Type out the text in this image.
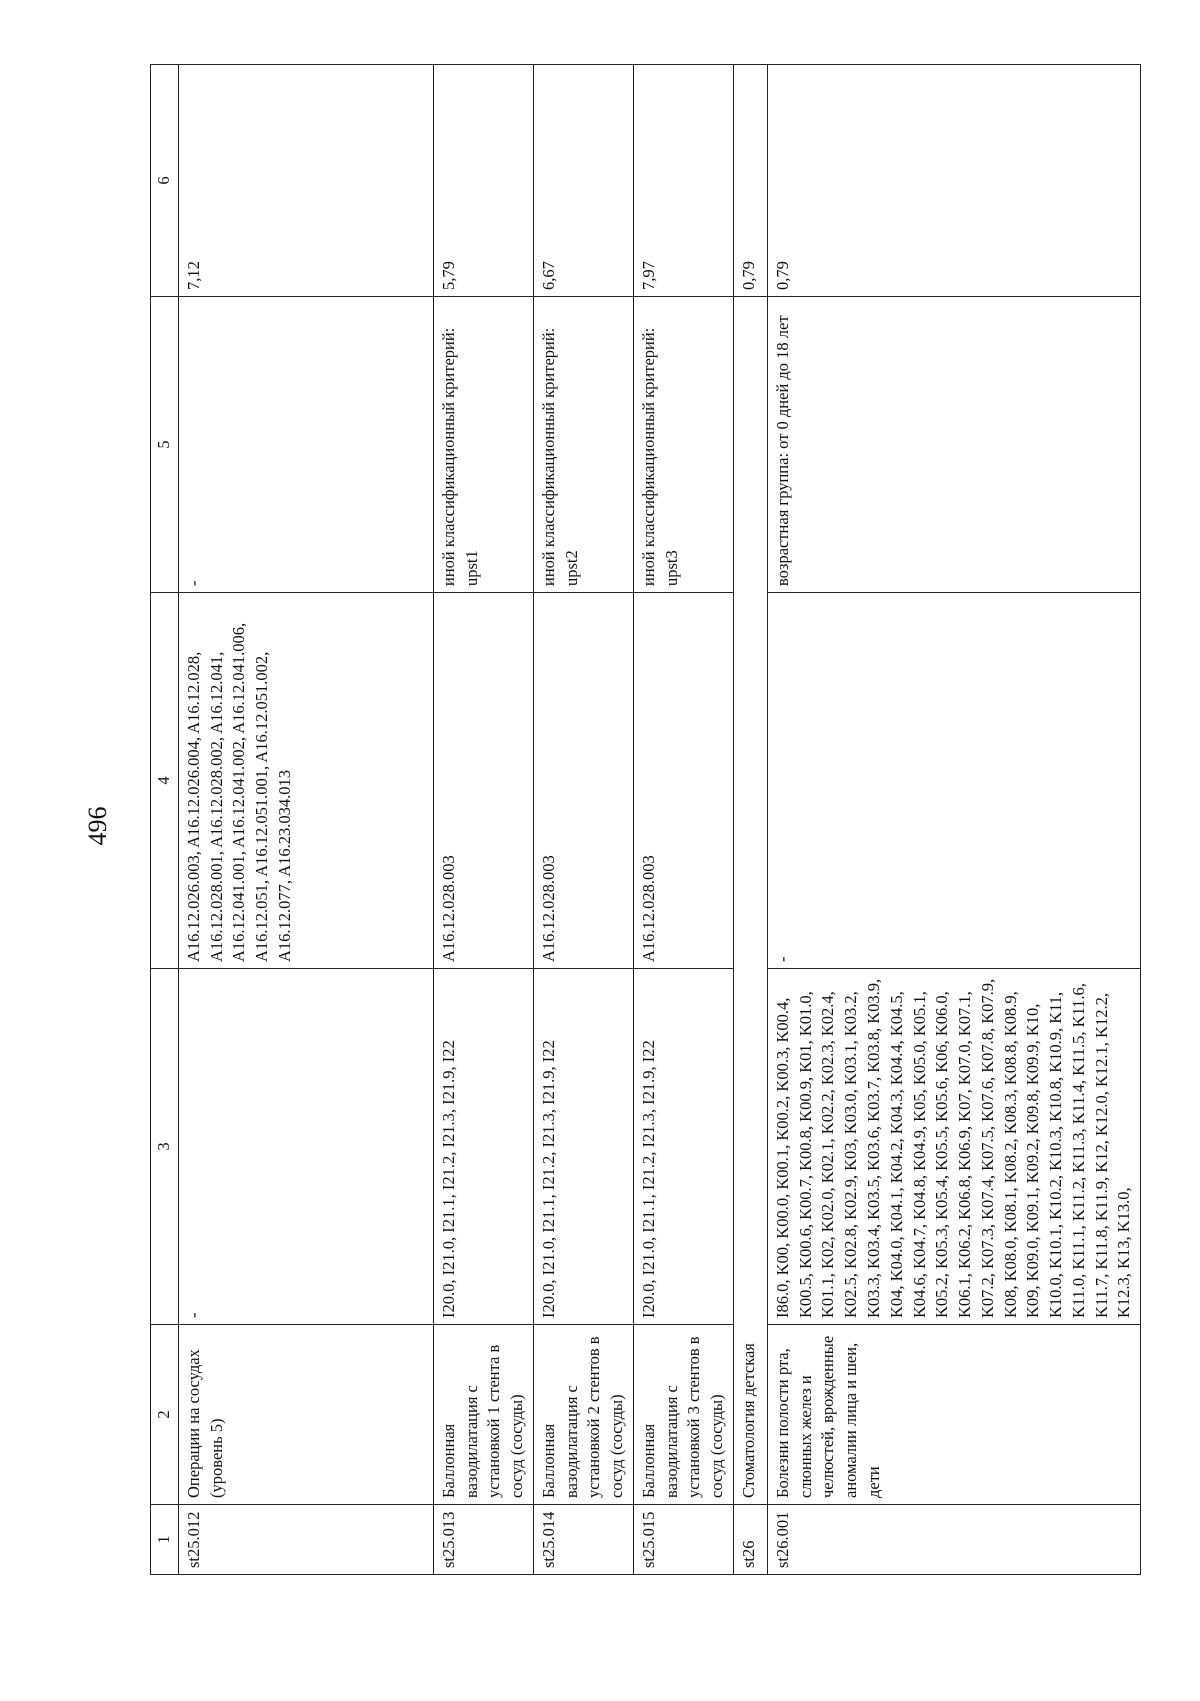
496
1	2	3	4	5	6
st25.012	Операции на сосудах (уровень 5)	-	A16.12.026.003, A16.12.026.004, A16.12.028, A16.12.028.001, A16.12.028.002, A16.12.041, A16.12.041.001, A16.12.041.002, A16.12.041.006, A16.12.051, A16.12.051.001, A16.12.051.002, A16.12.077, A16.23.034.013	-	7,12
st25.013	Баллонная вазодилатация с установкой 1 стента в сосуд (сосуды)	I20.0, I21.0, I21.1, I21.2, I21.3, I21.9, I22	A16.12.028.003	иной классификационный критерий: upst1	5,79
st25.014	Баллонная вазодилатация с установкой 2 стентов в сосуд (сосуды)	I20.0, I21.0, I21.1, I21.2, I21.3, I21.9, I22	A16.12.028.003	иной классификационный критерий: upst2	6,67
st25.015	Баллонная вазодилатация с установкой 3 стентов в сосуд (сосуды)	I20.0, I21.0, I21.1, I21.2, I21.3, I21.9, I22	A16.12.028.003	иной классификационный критерий: upst3	7,97
st26	Стоматология детская				0,79
st26.001	Болезни полости рта, слюнных желез и челюстей, врожденные аномалии лица и шеи, дети	I86.0, K00, K00.0, K00.1, K00.2, K00.3, K00.4, K00.5, K00.6, K00.7, K00.8, K00.9, K01, K01.0, K01.1, K02, K02.0, K02.1, K02.2, K02.3, K02.4, K02.5, K02.8, K02.9, K03, K03.0, K03.1, K03.2, K03.3, K03.4, K03.5, K03.6, K03.7, K03.8, K03.9, K04, K04.0, K04.1, K04.2, K04.3, K04.4, K04.5, K04.6, K04.7, K04.8, K04.9, K05, K05.0, K05.1, K05.2, K05.3, K05.4, K05.5, K05.6, K06, K06.0, K06.1, K06.2, K06.8, K06.9, K07, K07.0, K07.1, K07.2, K07.3, K07.4, K07.5, K07.6, K07.8, K07.9, K08, K08.0, K08.1, K08.2, K08.3, K08.8, K08.9, K09, K09.0, K09.1, K09.2, K09.8, K09.9, K10, K10.0, K10.1, K10.2, K10.3, K10.8, K10.9, K11, K11.0, K11.1, K11.2, K11.3, K11.4, K11.5, K11.6, K11.7, K11.8, K11.9, K12, K12.0, K12.1, K12.2, K12.3, K13, K13.0,	-	возрастная группа: от 0 дней до 18 лет	0,79
